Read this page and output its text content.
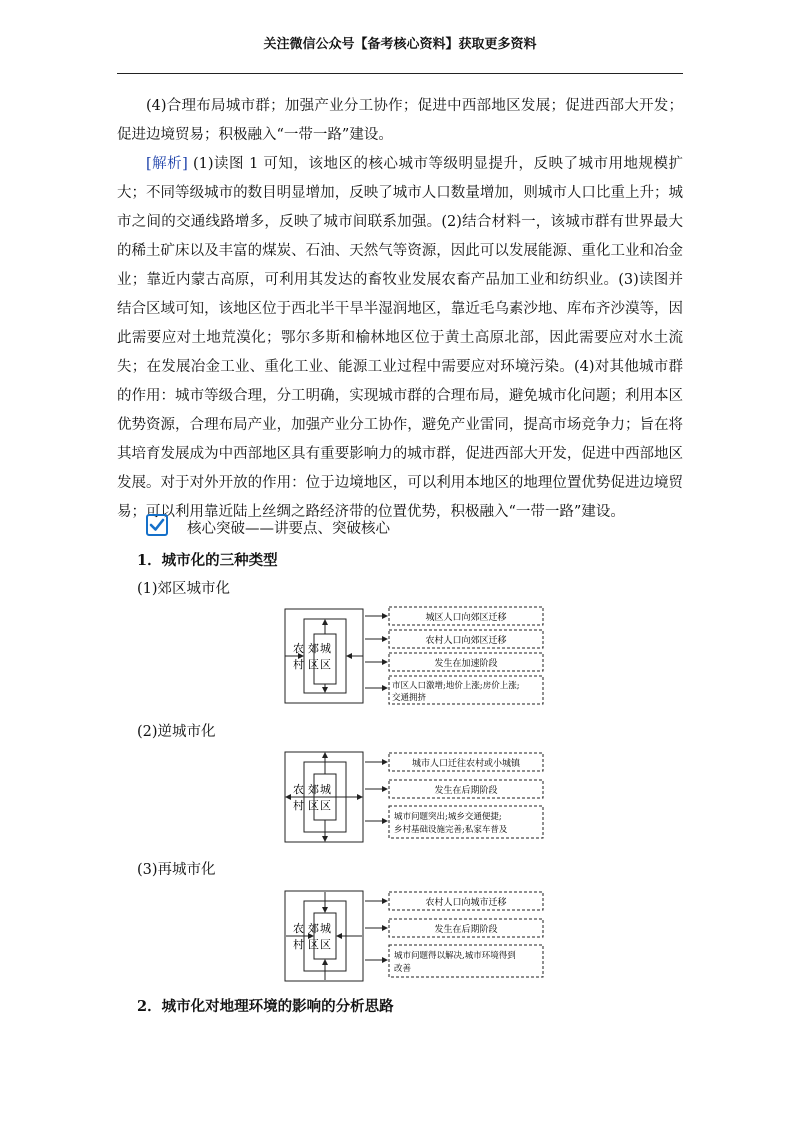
关注微信公众号【备考核心资料】获取更多资料

(4)合理布局城市群；加强产业分工协作；促进中西部地区发展；促进西部大开发；促进边境贸易；积极融入“一带一路”建设。

[解析] (1)读图 1 可知，该地区的核心城市等级明显提升，反映了城市用地规模扩大；不同等级城市的数目明显增加，反映了城市人口数量增加，则城市人口比重上升；城市之间的交通线路增多，反映了城市间联系加强。(2)结合材料一，该城市群有世界最大的稀土矿床以及丰富的煤炭、石油、天然气等资源，因此可以发展能源、重化工业和冶金业；靠近内蒙古高原，可利用其发达的畜牧业发展农畜产品加工业和纺织业。(3)读图并结合区域可知，该地区位于西北半干旱半湿润地区，靠近毛乌素沙地、库布齐沙漠等，因此需要应对土地荒漠化；鄂尔多斯和榆林地区位于黄土高原北部，因此需要应对水土流失；在发展冶金工业、重化工业、能源工业过程中需要应对环境污染。(4)对其他城市群的作用：城市等级合理，分工明确，实现城市群的合理布局，避免城市化问题；利用本区优势资源，合理布局产业，加强产业分工协作，避免产业雷同，提高市场竞争力；旨在将其培育发展成为中西部地区具有重要影响力的城市群，促进西部大开发，促进中西部地区发展。对于对外开放的作用：位于边境地区，可以利用本地区的地理位置优势促进边境贸易；可以利用靠近陆上丝绸之路经济带的位置优势，积极融入“一带一路”建设。

核心突破——讲要点、突破核心

1．城市化的三种类型

(1)郊区城市化

(2)逆城市化

(3)再城市化

农
村
郊
区
城
区
城区人口向郊区迁移
农村人口向郊区迁移
发生在加速阶段
市区人口激增;地价上涨;房价上涨;
交通拥挤
农
村
郊
区
城
区
城市人口迁往农村或小城镇
发生在后期阶段
城市问题突出;城乡交通便捷;
乡村基础设施完善;私家车普及
农
村
郊
区
城
区
农村人口向城市迁移
发生在后期阶段
城市问题得以解决,城市环境得到
改善

2．城市化对地理环境的影响的分析思路
